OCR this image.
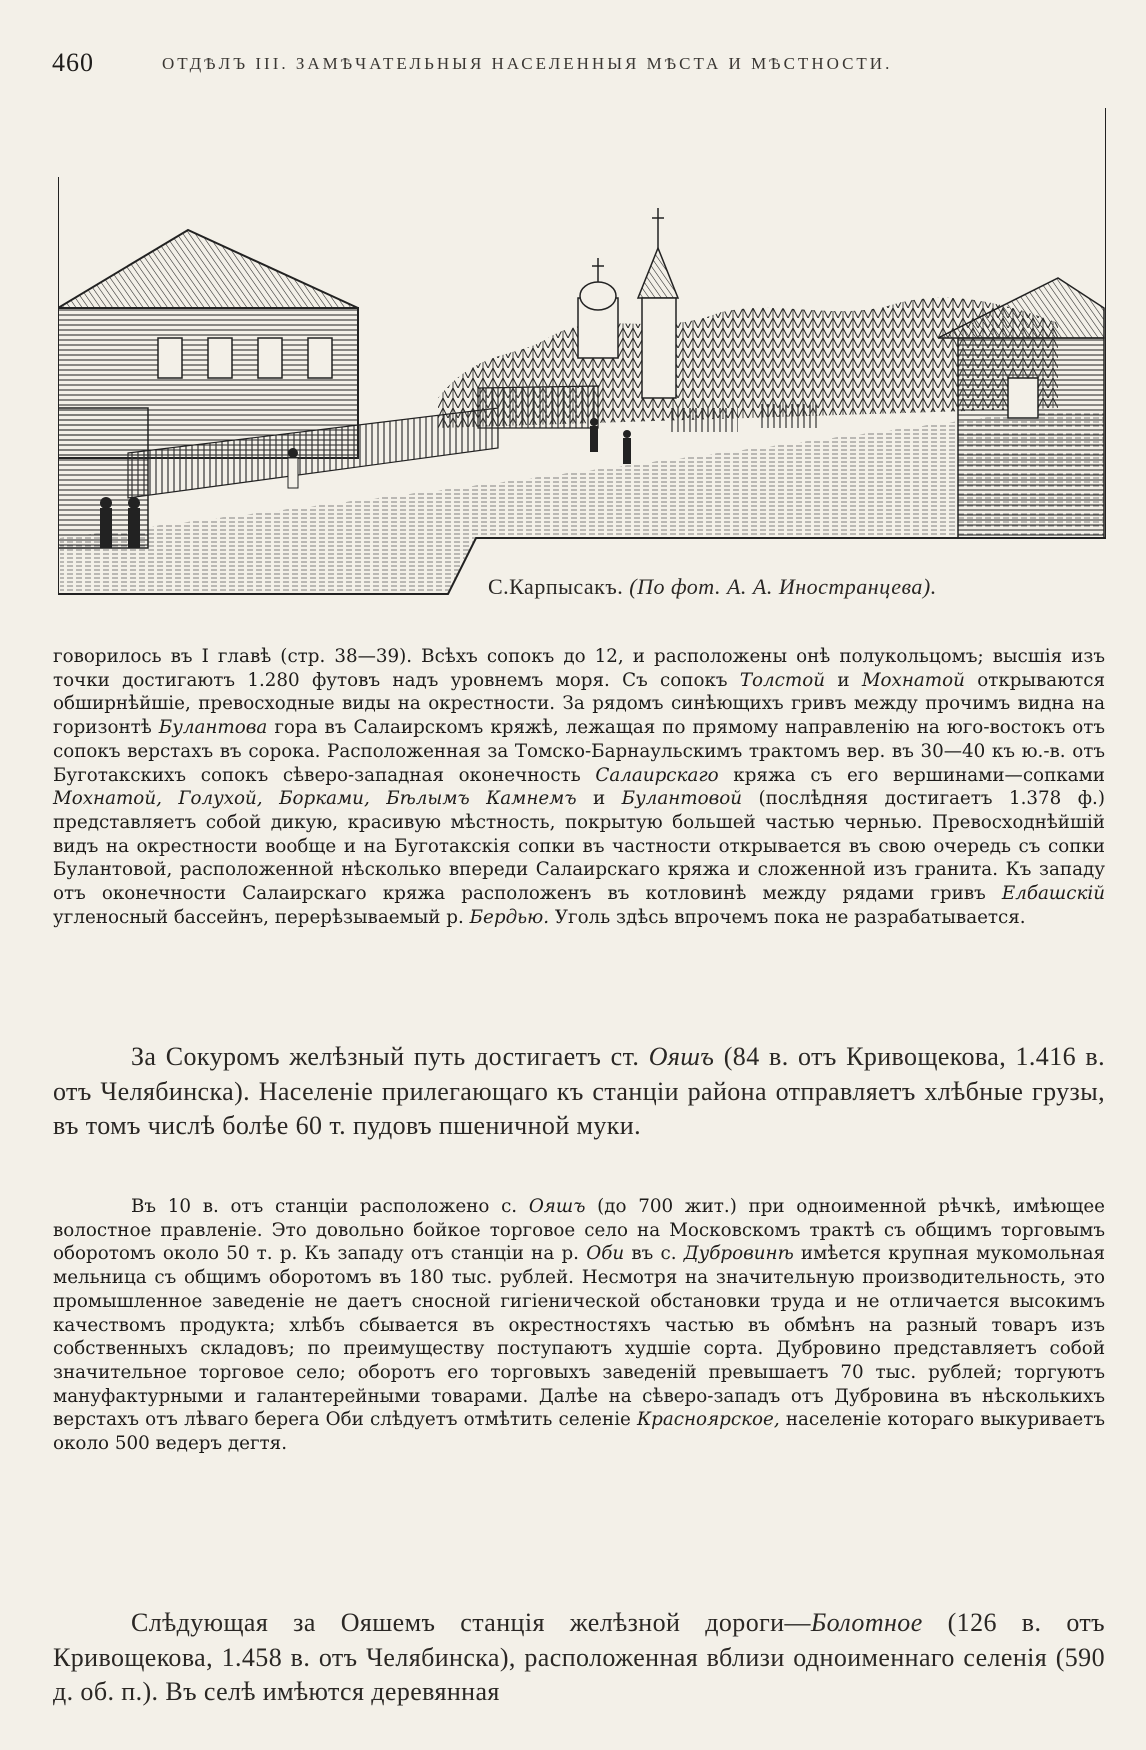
460	ОТДѢЛЪ III. ЗАМѢЧАТЕЛЬНЫЯ НАСЕЛЕННЫЯ МѢСТА И МѢСТНОСТИ.
С.Карпысакъ. (По фот. А. А. Иностранцева).
говорилось въ I главѣ (стр. 38—39). Всѣхъ сопокъ до 12, и расположены онѣ полукольцомъ; высшія изъ точки достигаютъ 1.280 футовъ надъ уровнемъ моря. Съ сопокъ Толстой и Мохнатой открываются обширнѣйшіе, превосходные виды на окрестности. За рядомъ синѣющихъ гривъ между прочимъ видна на горизонтѣ Булантова гора въ Салаирскомъ кряжѣ, лежащая по прямому направленію на юго-востокъ отъ сопокъ верстахъ въ сорока. Расположенная за Томско-Барнаульскимъ трактомъ вер. въ 30—40 къ ю.-в. отъ Буготакскихъ сопокъ сѣверо-западная оконечность Салаирскаго кряжа съ его вершинами—сопками Мохнатой, Голухой, Борками, Бѣлымъ Камнемъ и Булантовой (послѣдняя достигаетъ 1.378 ф.) представляетъ собой дикую, красивую мѣстность, покрытую большей частью чернью. Превосходнѣйшій видъ на окрестности вообще и на Буготакскія сопки въ частности открывается въ свою очередь съ сопки Булантовой, расположенной нѣсколько впереди Салаирскаго кряжа и сложенной изъ гранита. Къ западу отъ оконечности Салаирскаго кряжа расположенъ въ котловинѣ между рядами гривъ Елбашскій угленосный бассейнъ, перерѣзываемый р. Бердью. Уголь здѣсь впрочемъ пока не разрабатывается.
За Сокуромъ желѣзный путь достигаетъ ст. Ояшъ (84 в. отъ Кривощекова, 1.416 в. отъ Челябинска). Населеніе прилегающаго къ станціи района отправляетъ хлѣбные грузы, въ томъ числѣ болѣе 60 т. пудовъ пшеничной муки.
Въ 10 в. отъ станціи расположено с. Ояшъ (до 700 жит.) при одноименной рѣчкѣ, имѣющее волостное правленіе. Это довольно бойкое торговое село на Московскомъ трактѣ съ общимъ торговымъ оборотомъ около 50 т. р. Къ западу отъ станціи на р. Оби въ с. Дубровинѣ имѣется крупная мукомольная мельница съ общимъ оборотомъ въ 180 тыс. рублей. Несмотря на значительную производительность, это промышленное заведеніе не даетъ сносной гигіенической обстановки труда и не отличается высокимъ качествомъ продукта; хлѣбъ сбывается въ окрестностяхъ частью въ обмѣнъ на разный товаръ изъ собственныхъ складовъ; по преимуществу поступаютъ худшіе сорта. Дубровино представляетъ собой значительное торговое село; оборотъ его торговыхъ заведеній превышаетъ 70 тыс. рублей; торгуютъ мануфактурными и галантерейными товарами. Далѣе на сѣверо-западъ отъ Дубровина въ нѣсколькихъ верстахъ отъ лѣваго берега Оби слѣдуетъ отмѣтить селеніе Красноярское, населеніе котораго выкуриваетъ около 500 ведеръ дегтя.
Слѣдующая за Ояшемъ станція желѣзной дороги—Болотное (126 в. отъ Кривощекова, 1.458 в. отъ Челябинска), расположенная вблизи одноименнаго селенія (590 д. об. п.). Въ селѣ имѣются деревянная
